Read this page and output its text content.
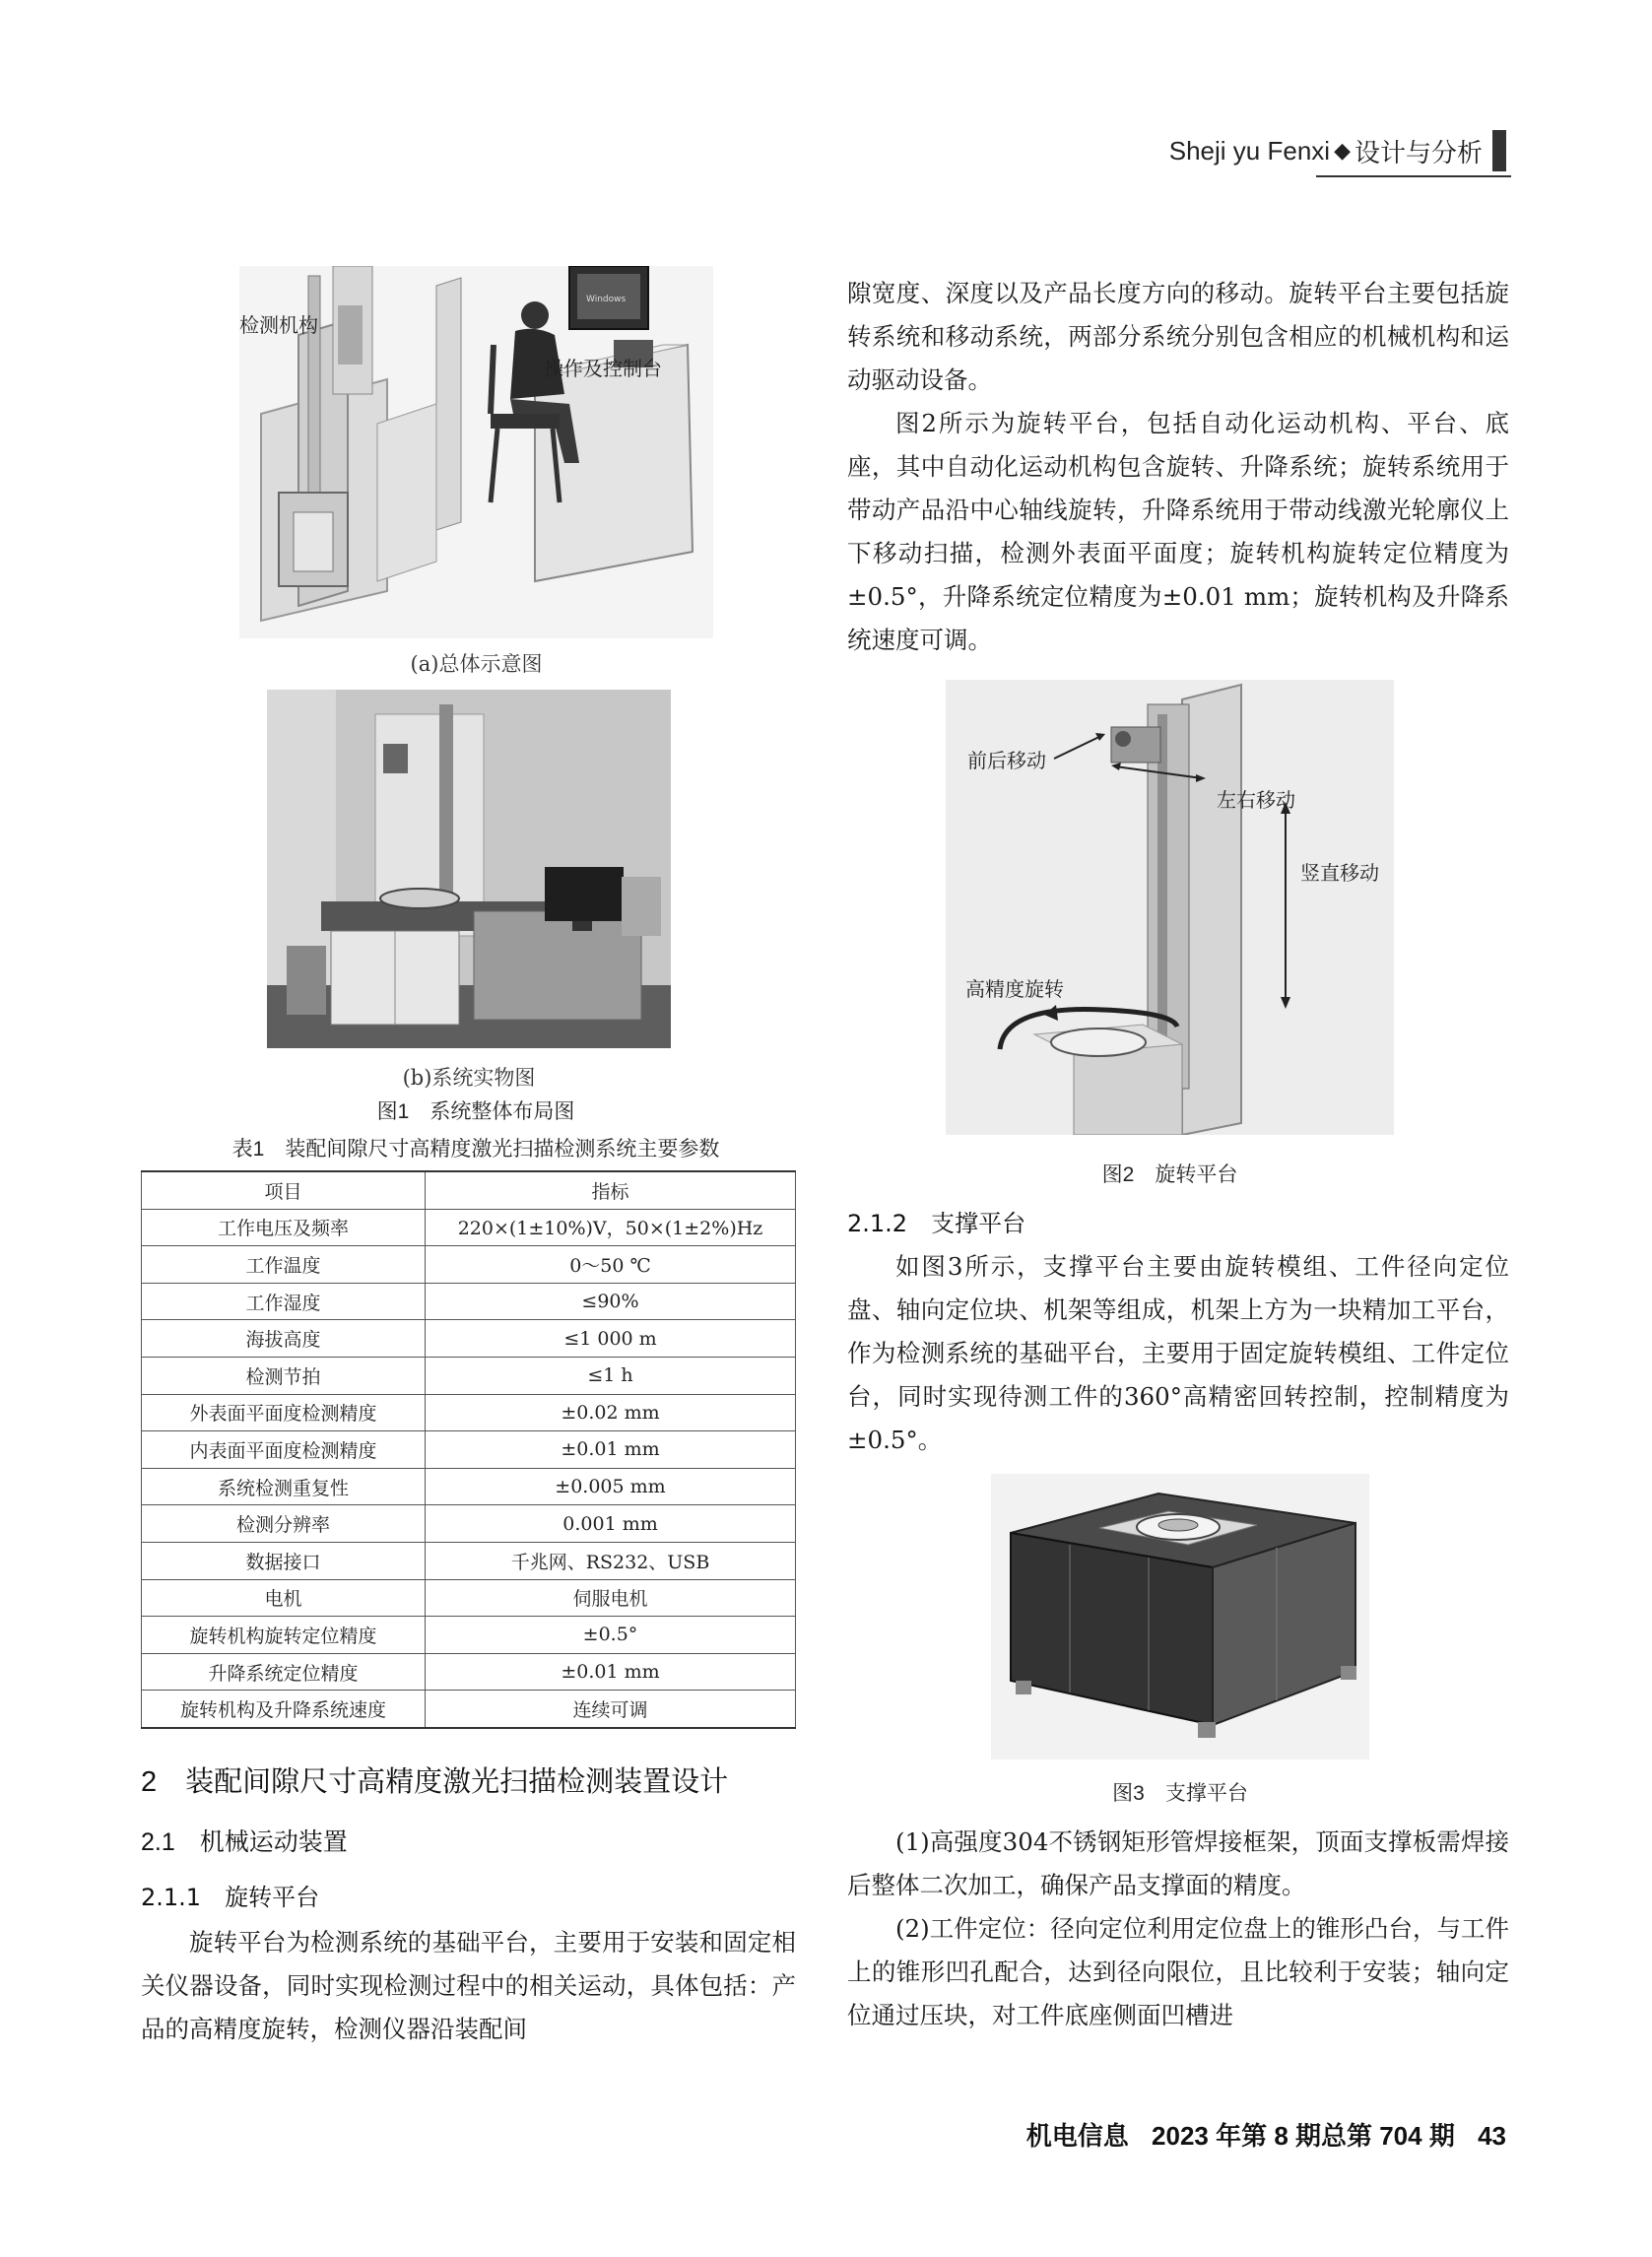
Sheji yu Fenxi ◆ 设计与分析
Windows
检测机构
操作及控制台
(a)总体示意图
(b)系统实物图
图1　系统整体布局图
表1　装配间隙尺寸高精度激光扫描检测系统主要参数
项目	指标
工作电压及频率	220×(1±10%)V，50×(1±2%)Hz
工作温度	0～50 ℃
工作湿度	≤90%
海拔高度	≤1 000 m
检测节拍	≤1 h
外表面平面度检测精度	±0.02 mm
内表面平面度检测精度	±0.01 mm
系统检测重复性	±0.005 mm
检测分辨率	0.001 mm
数据接口	千兆网、RS232、USB
电机	伺服电机
旋转机构旋转定位精度	±0.5°
升降系统定位精度	±0.01 mm
旋转机构及升降系统速度	连续可调
2　装配间隙尺寸高精度激光扫描检测装置设计
2.1　机械运动装置
2.1.1　旋转平台

旋转平台为检测系统的基础平台，主要用于安装和固定相关仪器设备，同时实现检测过程中的相关运动，具体包括：产品的高精度旋转，检测仪器沿装配间

隙宽度、深度以及产品长度方向的移动。旋转平台主要包括旋转系统和移动系统，两部分系统分别包含相应的机械机构和运动驱动设备。

图2所示为旋转平台，包括自动化运动机构、平台、底座，其中自动化运动机构包含旋转、升降系统；旋转系统用于带动产品沿中心轴线旋转，升降系统用于带动线激光轮廓仪上下移动扫描，检测外表面平面度；旋转机构旋转定位精度为±0.5°，升降系统定位精度为±0.01 mm；旋转机构及升降系统速度可调。

前后移动
左右移动
竖直移动
高精度旋转
图2　旋转平台
2.1.2　支撑平台

如图3所示，支撑平台主要由旋转模组、工件径向定位盘、轴向定位块、机架等组成，机架上方为一块精加工平台，作为检测系统的基础平台，主要用于固定旋转模组、工件定位台，同时实现待测工件的360°高精密回转控制，控制精度为±0.5°。

图3　支撑平台

(1)高强度304不锈钢矩形管焊接框架，顶面支撑板需焊接后整体二次加工，确保产品支撑面的精度。

(2)工件定位：径向定位利用定位盘上的锥形凸台，与工件上的锥形凹孔配合，达到径向限位，且比较利于安装；轴向定位通过压块，对工件底座侧面凹槽进

机电信息 2023 年第 8 期总第 704 期 43
